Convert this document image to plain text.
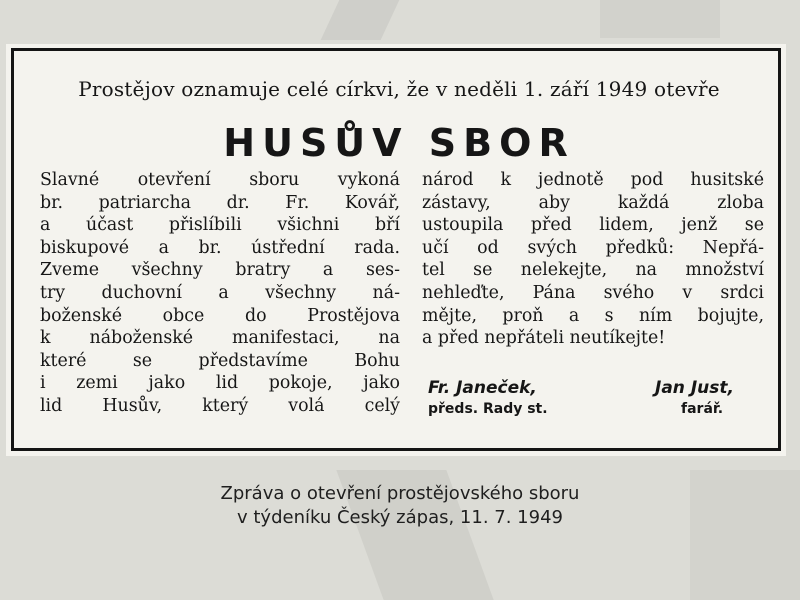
Prostějov oznamuje celé církvi, že v neděli 1. září 1949 otevře
HUSŮV SBOR
Slavné otevření sboru vykoná
br. patriarcha dr. Fr. Kovář,
a účast přislíbili všichni bří
biskupové a br. ústřední rada.
Zveme všechny bratry a ses-
try duchovní a všechny ná-
boženské obce do Prostějova
k náboženské manifestaci, na
které se představíme Bohu
i zemi jako lid pokoje, jako
lid Husův, který volá celý
národ k jednotě pod husitské
zástavy, aby každá zloba
ustoupila před lidem, jenž se
učí od svých předků: Nepřá-
tel se nelekejte, na množství
nehleďte, Pána svého v srdci
mějte, proň a s ním bojujte,
a před nepřáteli neutíkejte!
Fr. Janeček,
předs. Rady st.
Jan Just,
farář.
Zpráva o otevření prostějovského sboru
v týdeníku Český zápas, 11. 7. 1949
